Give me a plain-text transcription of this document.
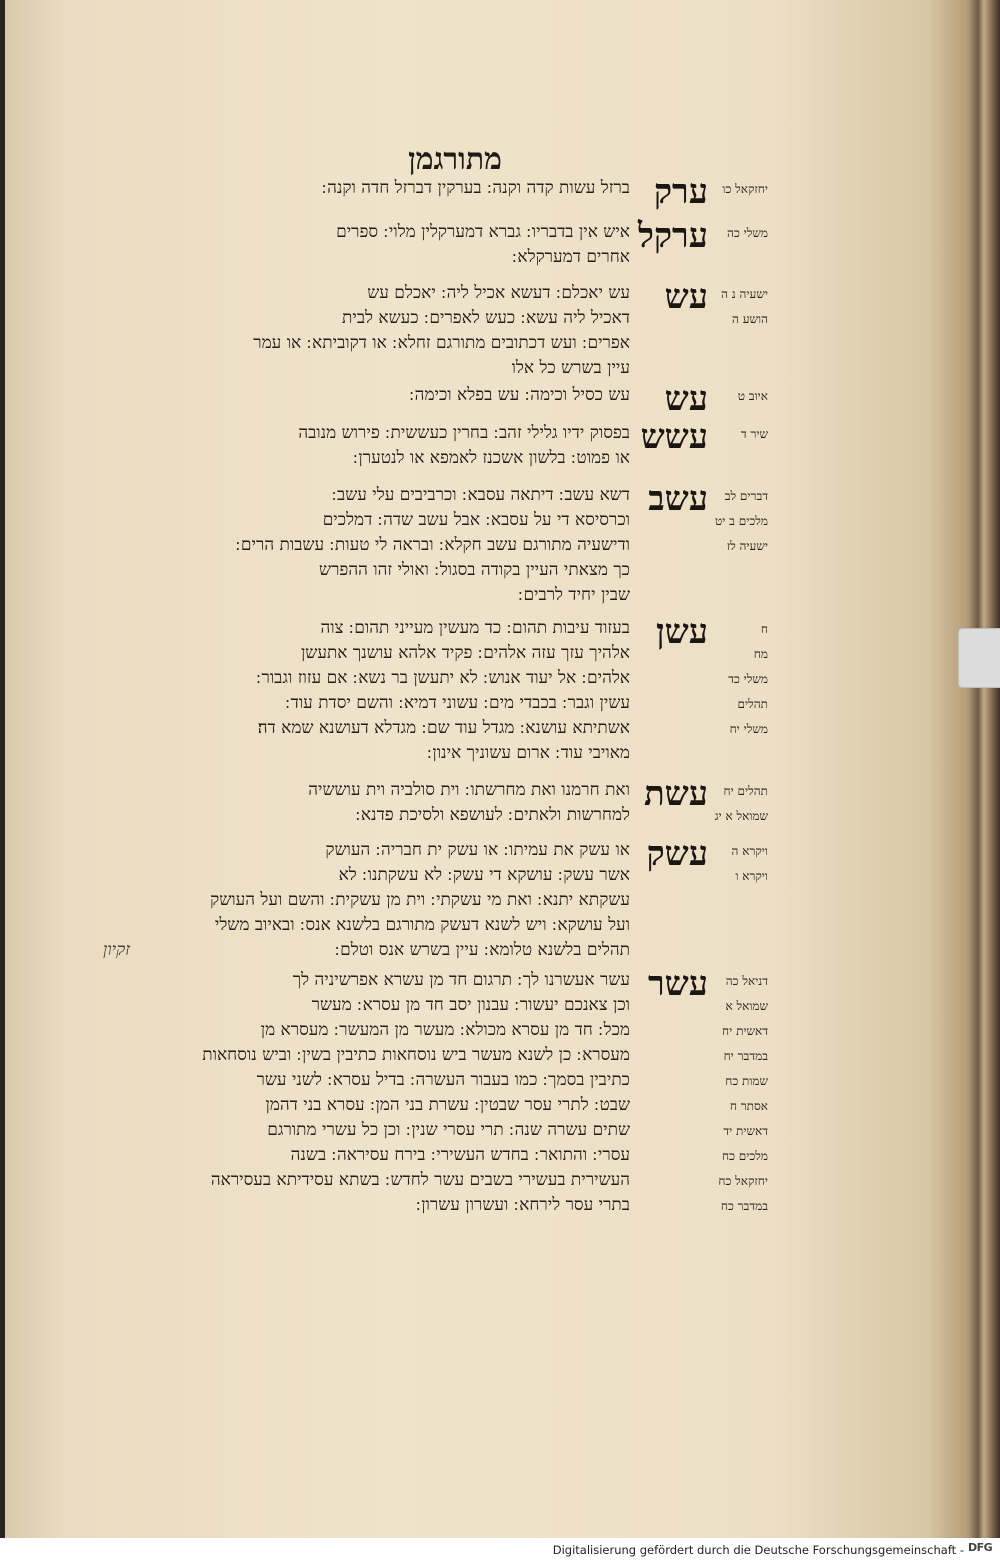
מתורגמן
ערק יחזקאל כו
ברזל עשות קדה וקנה ׃ בערקין דברזל חדה וקנה ׃
ערקל משלי כה
איש אין בדבריו ׃ גברא דמערקלין מלוי ׃ ספרים
אחרים דמערקלא ׃
עש ישעיה נ ה
הושע ה
עש יאכלם ׃ דעשא אכיל ליה ׃ יאכלם עש
דאכיל ליה עשא ׃ כעש לאפרים ׃ כעשא לבית
אפרים ׃ ועש דכתובים מתורגם זחלא ׃ או דקוביתא ׃ או עמר
עיין בשרש כל אלו
עש איוב ט
עש כסיל וכימה ׃ עש בפלא וכימה ׃
עשש	שיר ד
בפסוק ידיו גלילי זהב ׃ בחרין כעששית ׃ פירוש מנובה
או פמוט ׃ בלשון אשכנז לאמפא או לנטערן ׃
עשב דברים לב
מלכים ב יט
ישעיה לז
דשא עשב ׃ דיתאה עסבא ׃ וכרביבים עלי עשב ׃
וכרסיסא די על עסבא ׃ אבל עשב שדה ׃ דמלכים
ודישעיה מתורגם עשב חקלא ׃ ובראה לי טעות ׃ עשבות הרים ׃
כך מצאתי העיין בקודה בסגול ׃ ואולי זהו ההפרש
שבין יחיד לרבים ׃
עשן	ח
מח
משלי כד
תהלים
משלי יח
בעזוד עיבות תהום ׃ כד מעשין מעייני תהום ׃ צוה
אלהיך עזך עזה אלהים ׃ פקיד אלהא עושנך אתעשן
אלהים ׃ אל יעוד אנוש ׃ לא יתעשן בר נשא ׃ אם עזוז וגבור ׃
עשין וגבר ׃ בכבדי מים ׃ עשוני דמיא ׃ והשם יסדת עוד ׃
אשתיתא עושנא ׃ מגדל עוד שם ׃ מגדלא דעושנא שמא דה׃
מאויבי עוד ׃ ארום עשוניך אינון ׃
עשת תהלים יח
שמואל א יג
ואת חרמנו ואת מחרשתו ׃ וית סולביה וית עוששיה
למחרשות ולאתים ׃ לעושפא ולסיכת פדנא ׃
עשק ויקרא ה
ויקרא ו
או עשק את עמיתו ׃ או עשק ית חבריה ׃ העושק
אשר עשק ׃ עושקא די עשק ׃ לא עשקתנו ׃ לא
עשקתא יתנא ׃ ואת מי עשקתי ׃ וית מן עשקית ׃ והשם ועל העושק
ועל עושקא ׃ ויש לשנא דעשק מתורגם בלשנא אנס ׃ ובאיוב משלי
תהלים בלשנא טלומא ׃ עיין בשרש אנס וטלם ׃
עשר דניאל כה
שמואל א
דאשית יח
במדבר יח
שמות כח
אסתר ח
דאשית יד
מלכים כח
יחזקאל כח
במדבר כח
עשר אעשרנו לך ׃ תרגום חד מן עשרא אפרשיניה לך
וכן צאנכם יעשור ׃ עבנון יסב חד מן עסרא ׃ מעשר
מכל ׃ חד מן עסרא מכולא ׃ מעשר מן המעשר ׃ מעסרא מן
מעסרא ׃ כן לשנא מעשר ביש נוסחאות כתיבין בשין ׃ וביש נוסחאות
כתיבין בסמך ׃ כמו בעבור העשרה ׃ בדיל עסרא ׃ לשני עשר
שבט ׃ לתרי עסר שבטין ׃ עשרת בני המן ׃ עסרא בני דהמן
שתים עשרה שנה ׃ תרי עסרי שנין ׃ וכן כל עשרי מתורגם
עסרי ׃ והתואר ׃ בחדש העשירי ׃ בירח עסיראה ׃ בשנה
העשירית בעשירי בשבים עשר לחדש ׃ בשתא עסידיתא בעסיראה
בתרי עסר לירחא ׃ ועשרון עשרון ׃
זקיון
Digitalisierung gefördert durch die Deutsche Forschungsgemeinschaft - DFG
